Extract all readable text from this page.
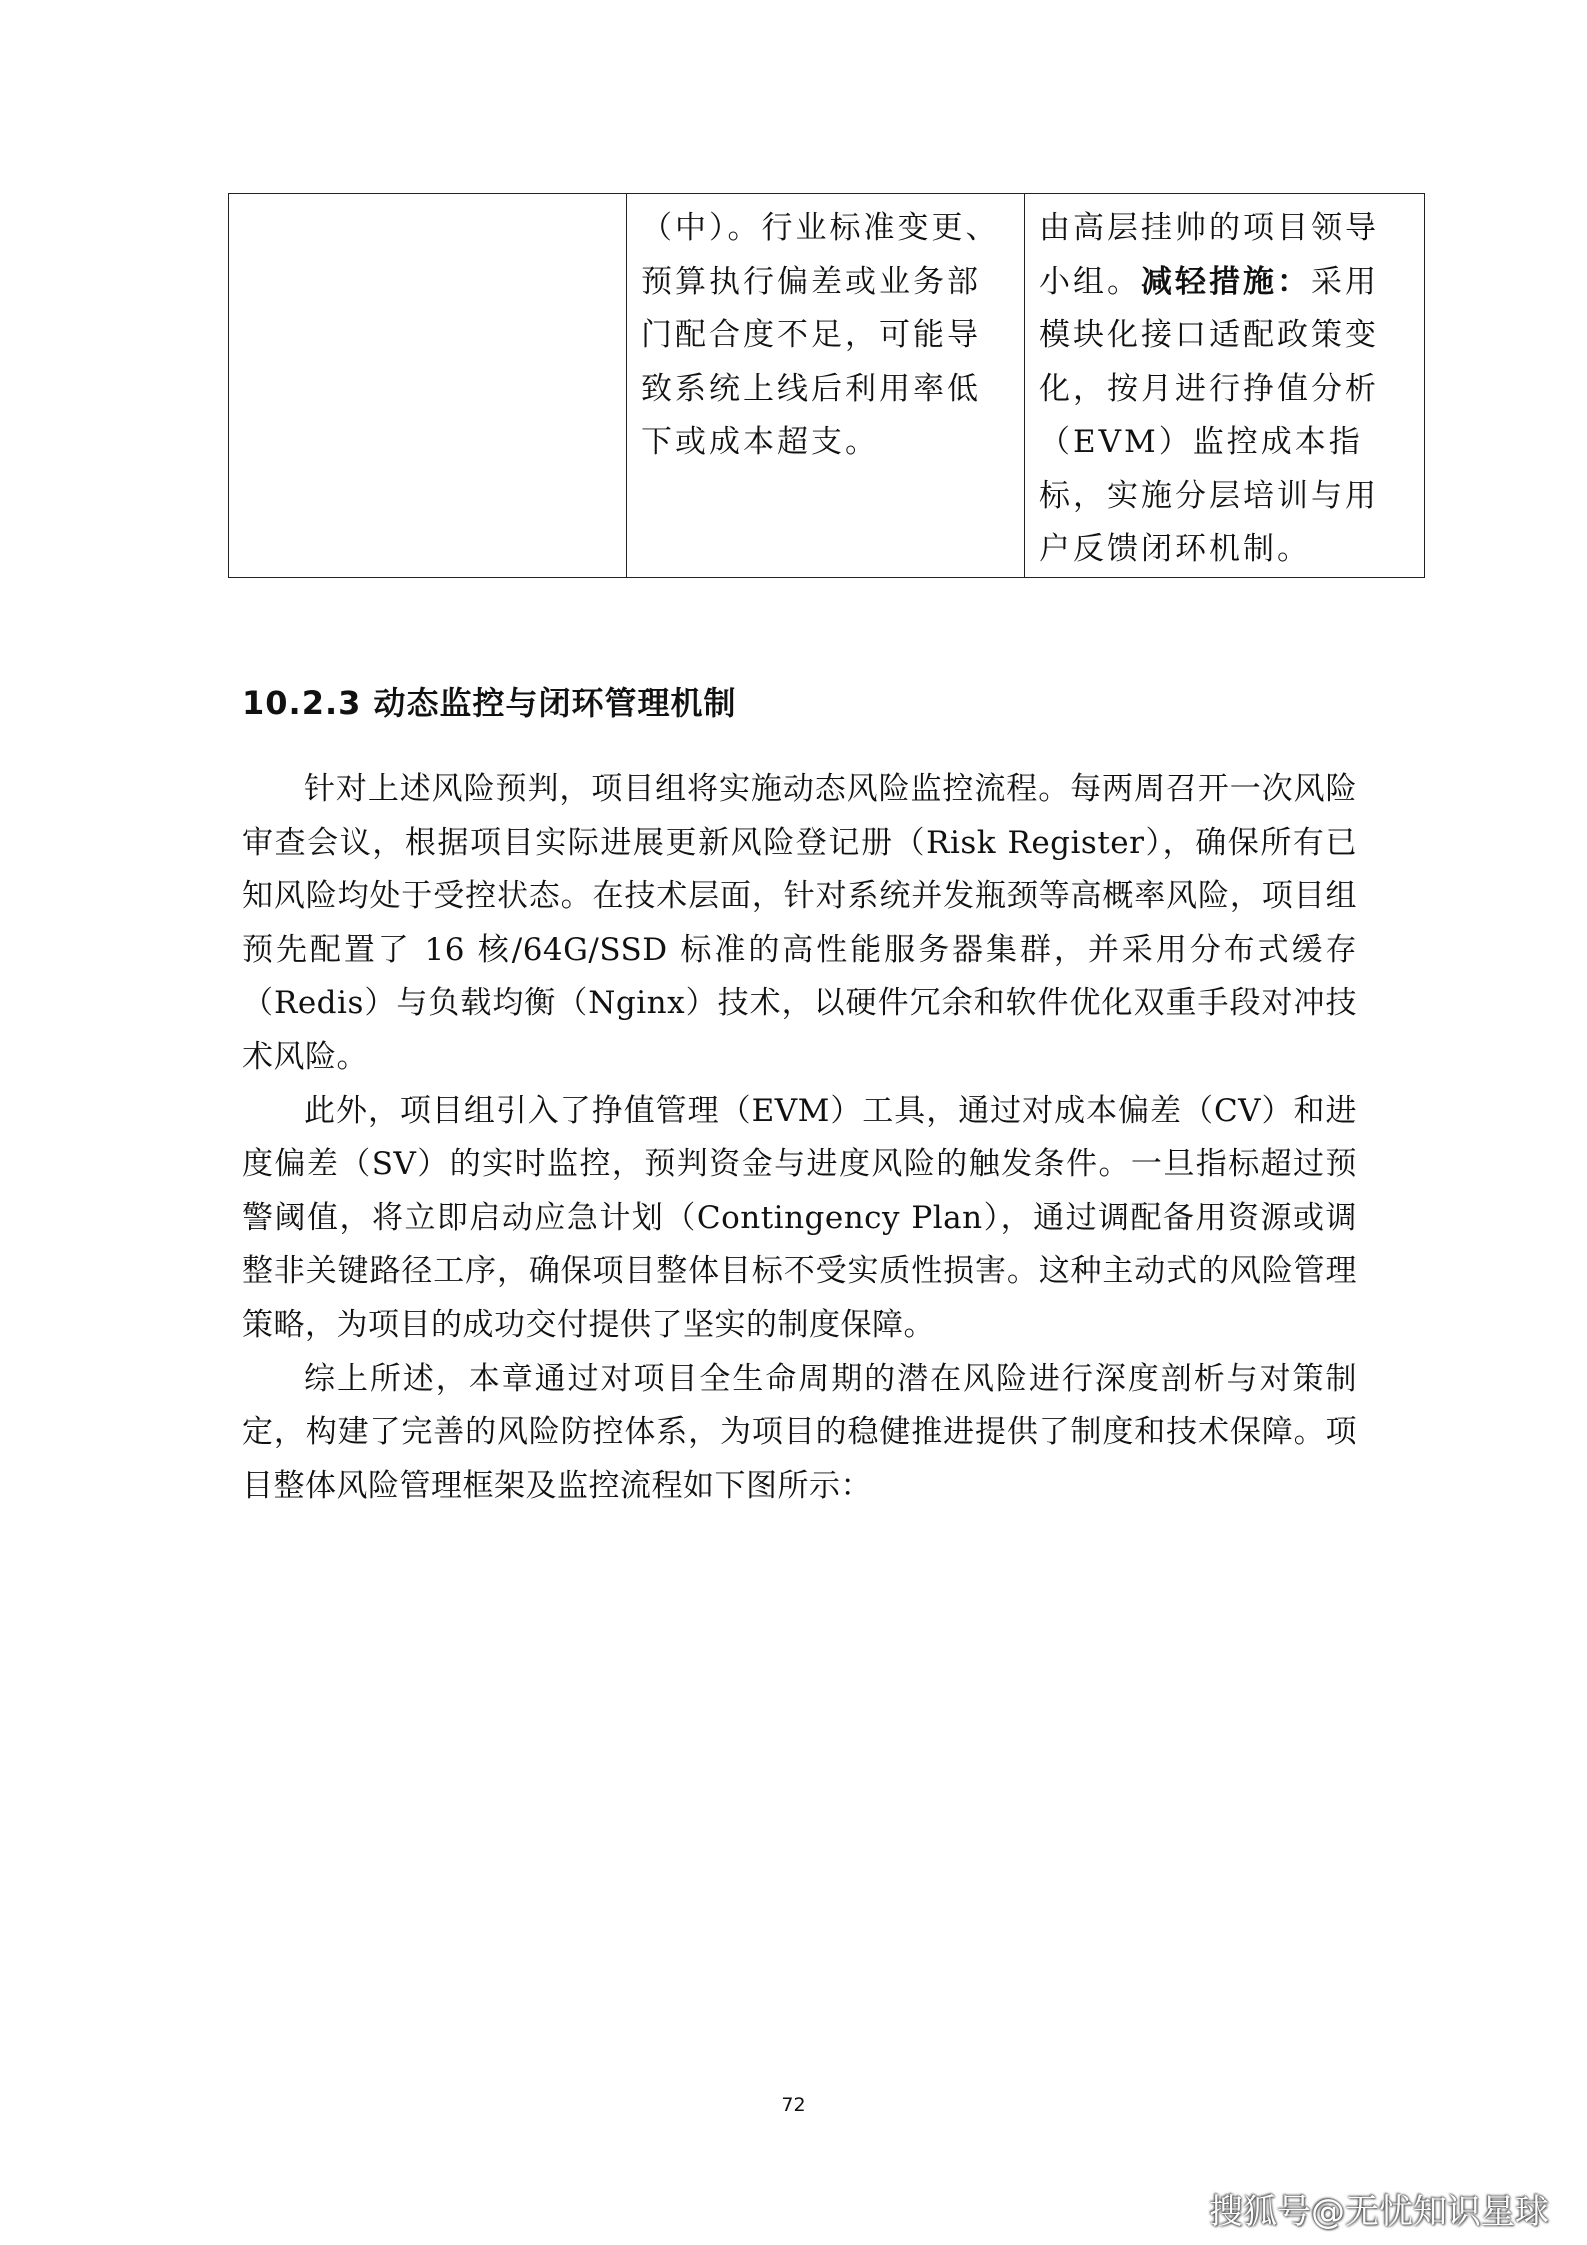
	（中）。行业标准变更、预算执行偏差或业务部门配合度不足，可能导致系统上线后利用率低下或成本超支。	由高层挂帅的项目领导小组。减轻措施：采用模块化接口适配政策变化，按月进行挣值分析（EVM）监控成本指标，实施分层培训与用户反馈闭环机制。
10.2.3 动态监控与闭环管理机制

针对上述风险预判，项目组将实施动态风险监控流程。每两周召开一次风险审查会议，根据项目实际进展更新风险登记册（Risk Register），确保所有已知风险均处于受控状态。在技术层面，针对系统并发瓶颈等高概率风险，项目组预先配置了 16 核/64G/SSD 标准的高性能服务器集群，并采用分布式缓存（Redis）与负载均衡（Nginx）技术，以硬件冗余和软件优化双重手段对冲技术风险。

此外，项目组引入了挣值管理（EVM）工具，通过对成本偏差（CV）和进度偏差（SV）的实时监控，预判资金与进度风险的触发条件。一旦指标超过预警阈值，将立即启动应急计划（Contingency Plan），通过调配备用资源或调整非关键路径工序，确保项目整体目标不受实质性损害。这种主动式的风险管理策略，为项目的成功交付提供了坚实的制度保障。

综上所述，本章通过对项目全生命周期的潜在风险进行深度剖析与对策制定，构建了完善的风险防控体系，为项目的稳健推进提供了制度和技术保障。项目整体风险管理框架及监控流程如下图所示：

72
搜狐号@无忧知识星球
